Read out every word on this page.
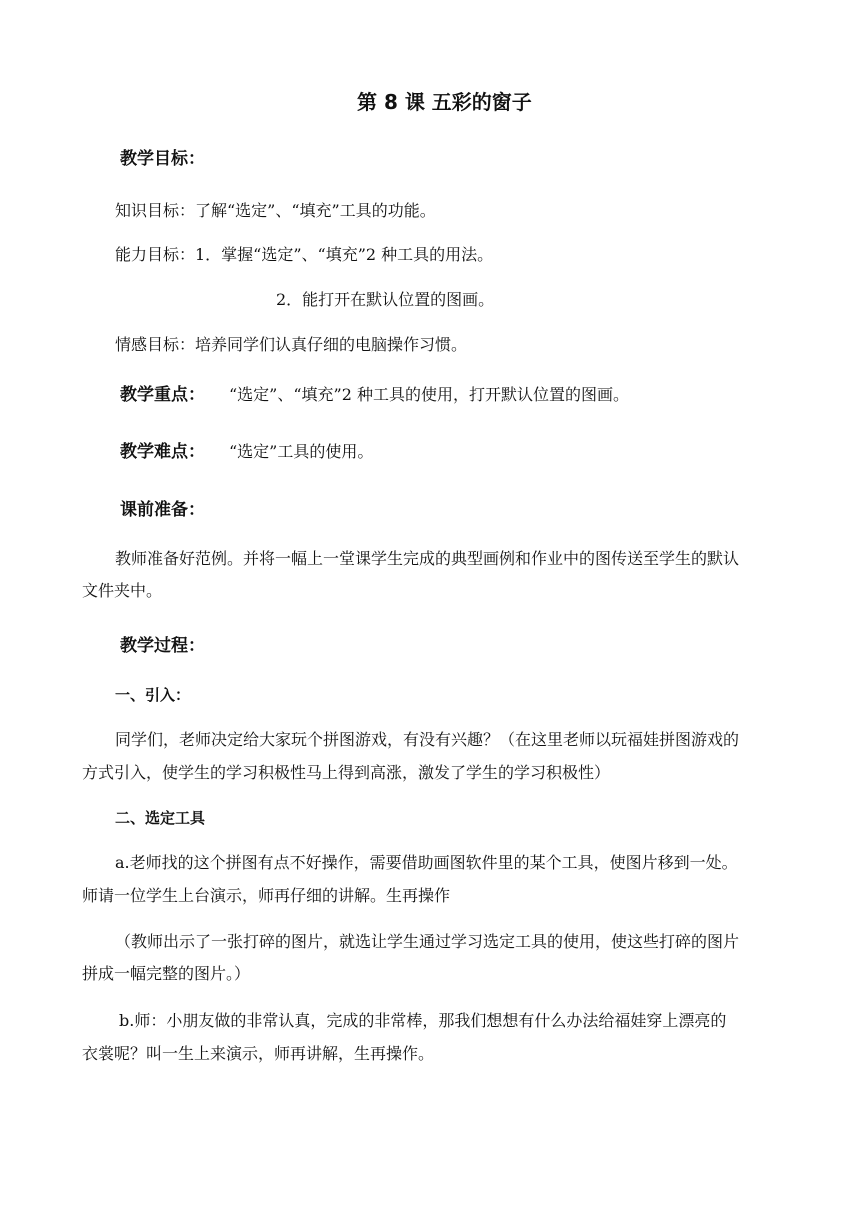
第 8 课 五彩的窗子
教学目标：
知识目标：了解“选定”、“填充”工具的功能。
能力目标：1．掌握“选定”、“填充”2 种工具的用法。
2．能打开在默认位置的图画。
情感目标：培养同学们认真仔细的电脑操作习惯。
教学重点： “选定”、“填充”2 种工具的使用，打开默认位置的图画。
教学难点： “选定”工具的使用。
课前准备：
教师准备好范例。并将一幅上一堂课学生完成的典型画例和作业中的图传送至学生的默认
文件夹中。
教学过程：
一、引入：
同学们，老师决定给大家玩个拼图游戏，有没有兴趣？（在这里老师以玩福娃拼图游戏的
方式引入，使学生的学习积极性马上得到高涨，激发了学生的学习积极性）
二、选定工具
a.老师找的这个拼图有点不好操作，需要借助画图软件里的某个工具，使图片移到一处。
师请一位学生上台演示，师再仔细的讲解。生再操作
（教师出示了一张打碎的图片，就选让学生通过学习选定工具的使用，使这些打碎的图片
拼成一幅完整的图片。）
b.师：小朋友做的非常认真，完成的非常棒，那我们想想有什么办法给福娃穿上漂亮的
衣裳呢？叫一生上来演示，师再讲解，生再操作。
